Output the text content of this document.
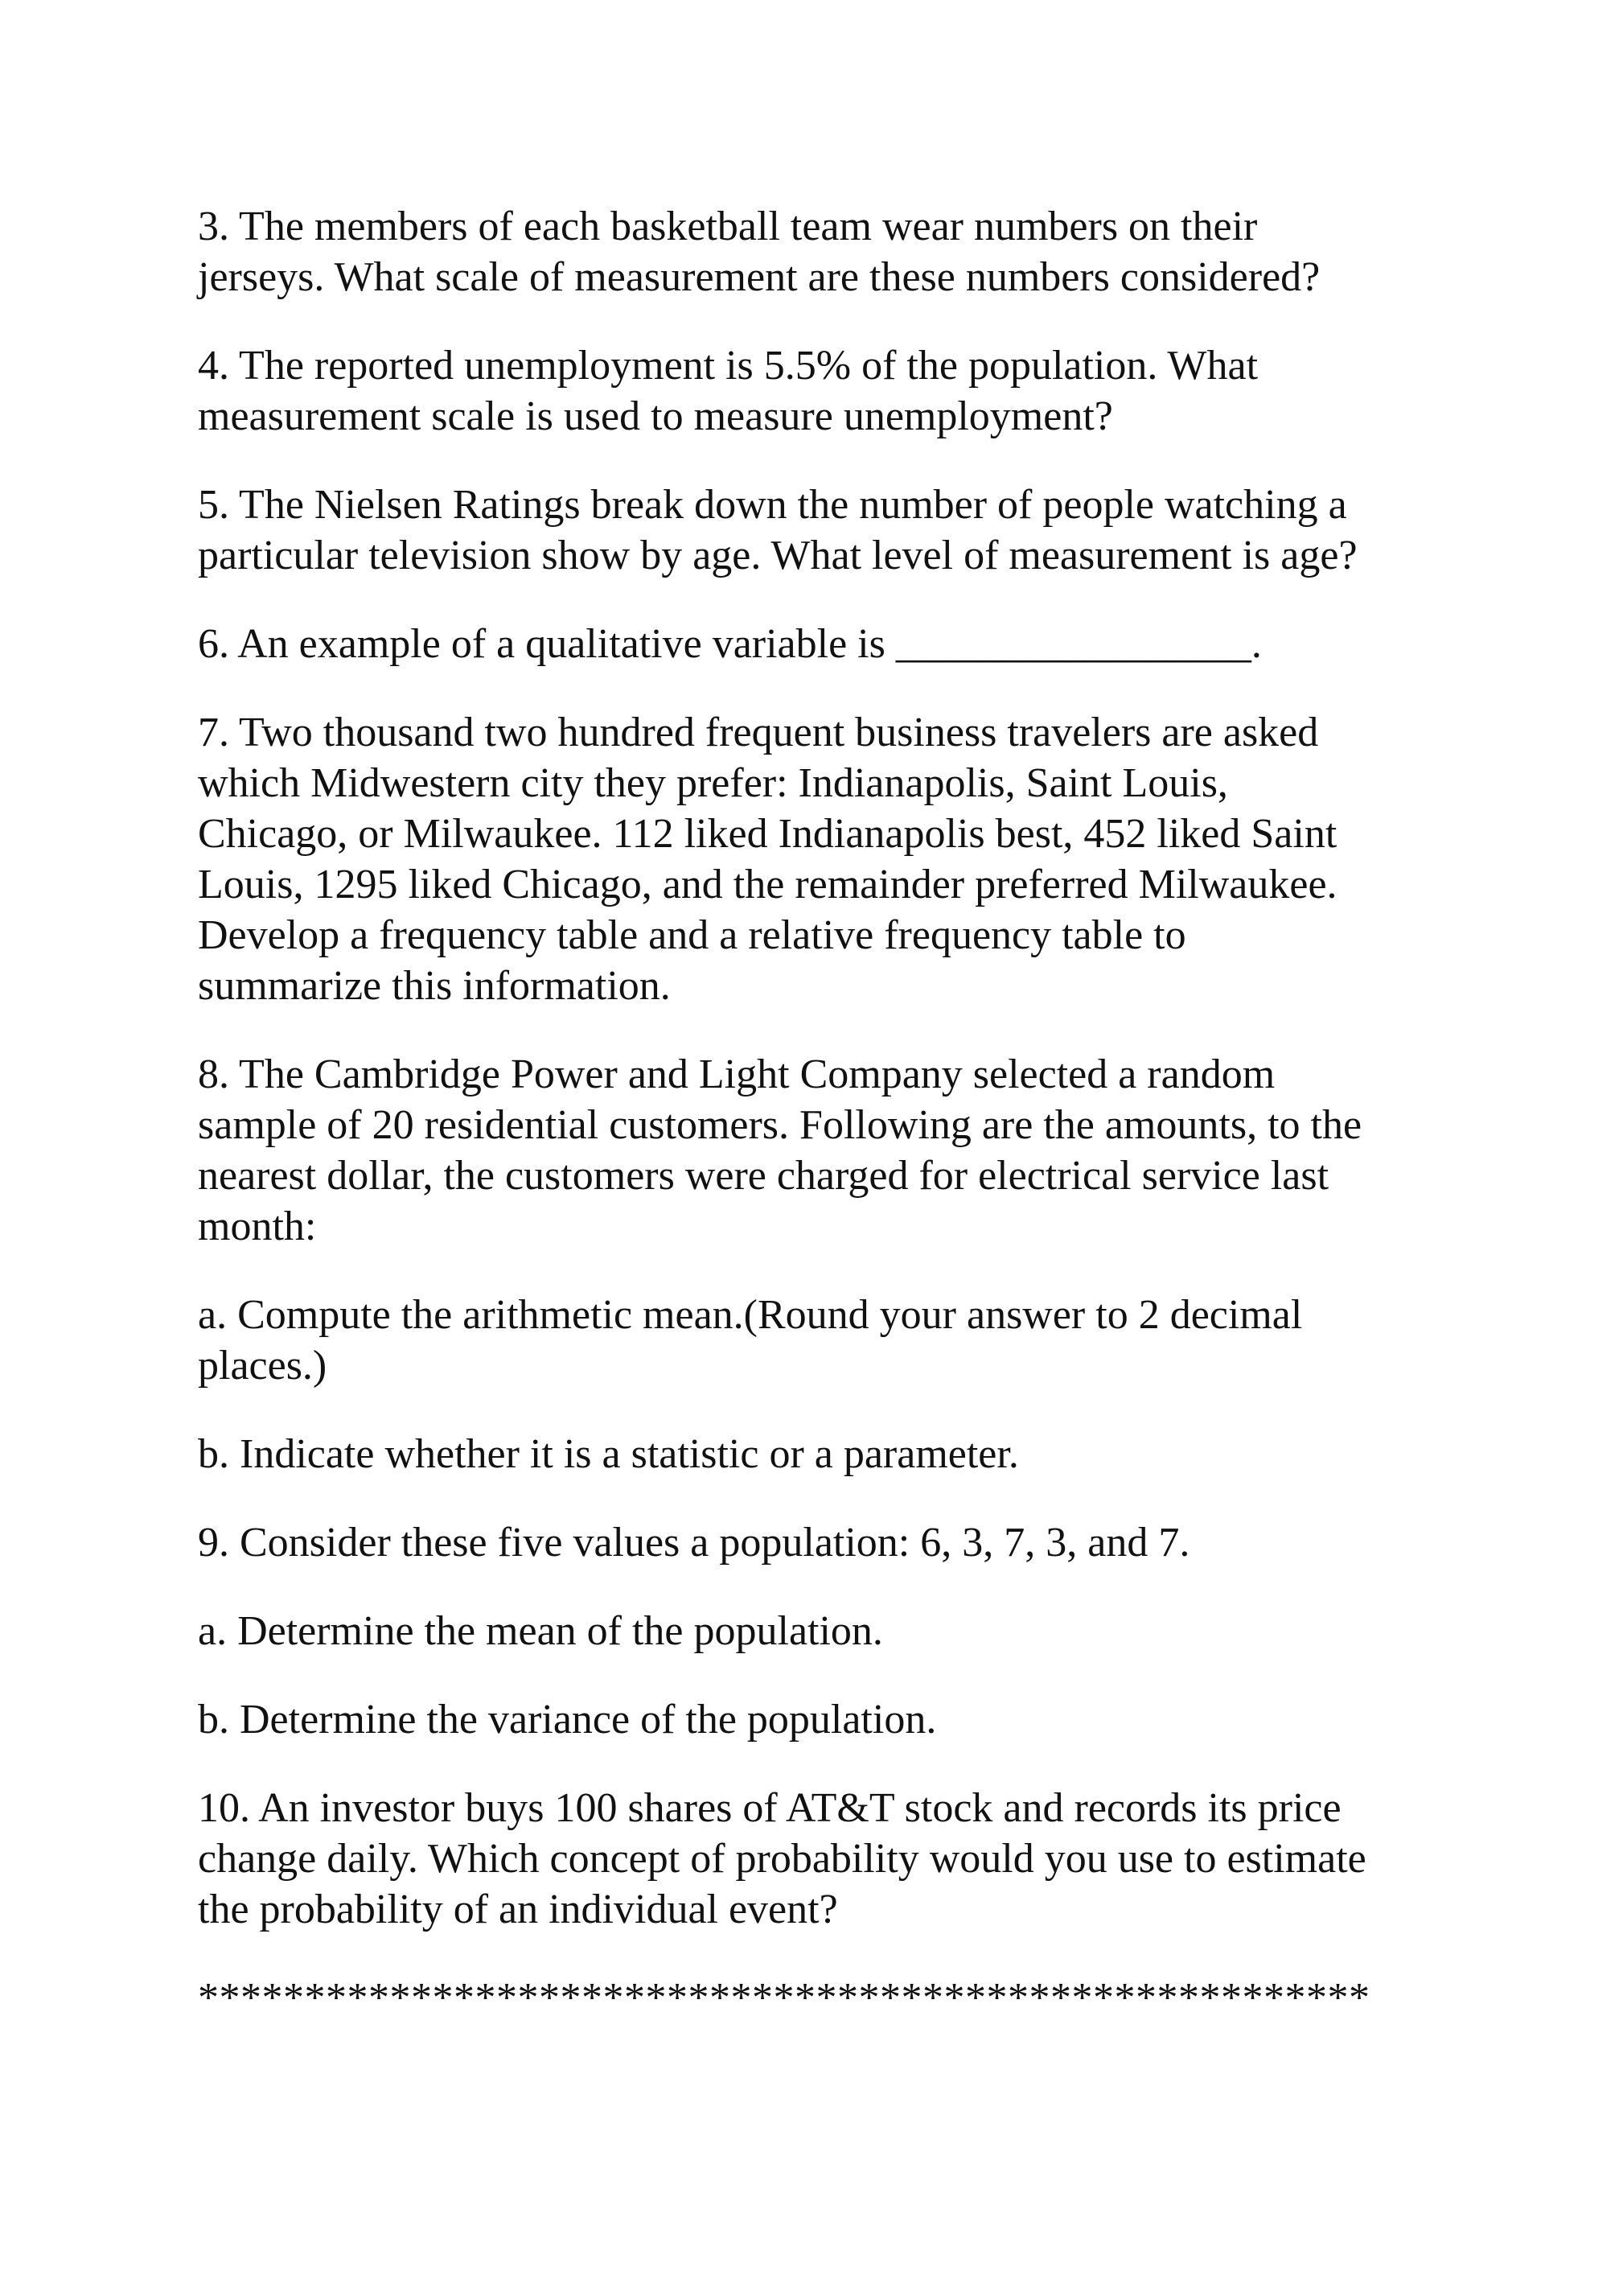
3. The members of each basketball team wear numbers on their
jerseys. What scale of measurement are these numbers considered?

4. The reported unemployment is 5.5% of the population. What
measurement scale is used to measure unemployment?

5. The Nielsen Ratings break down the number of people watching a
particular television show by age. What level of measurement is age?

6. An example of a qualitative variable is _________________.

7. Two thousand two hundred frequent business travelers are asked
which Midwestern city they prefer: Indianapolis, Saint Louis,
Chicago, or Milwaukee. 112 liked Indianapolis best, 452 liked Saint
Louis, 1295 liked Chicago, and the remainder preferred Milwaukee.
Develop a frequency table and a relative frequency table to
summarize this information.

8. The Cambridge Power and Light Company selected a random
sample of 20 residential customers. Following are the amounts, to the
nearest dollar, the customers were charged for electrical service last
month:

a. Compute the arithmetic mean.(Round your answer to 2 decimal
places.)

b. Indicate whether it is a statistic or a parameter.

9. Consider these five values a population: 6, 3, 7, 3, and 7.

a. Determine the mean of the population.

b. Determine the variance of the population.

10. An investor buys 100 shares of AT&T stock and records its price
change daily. Which concept of probability would you use to estimate
the probability of an individual event?

*******************************************************
